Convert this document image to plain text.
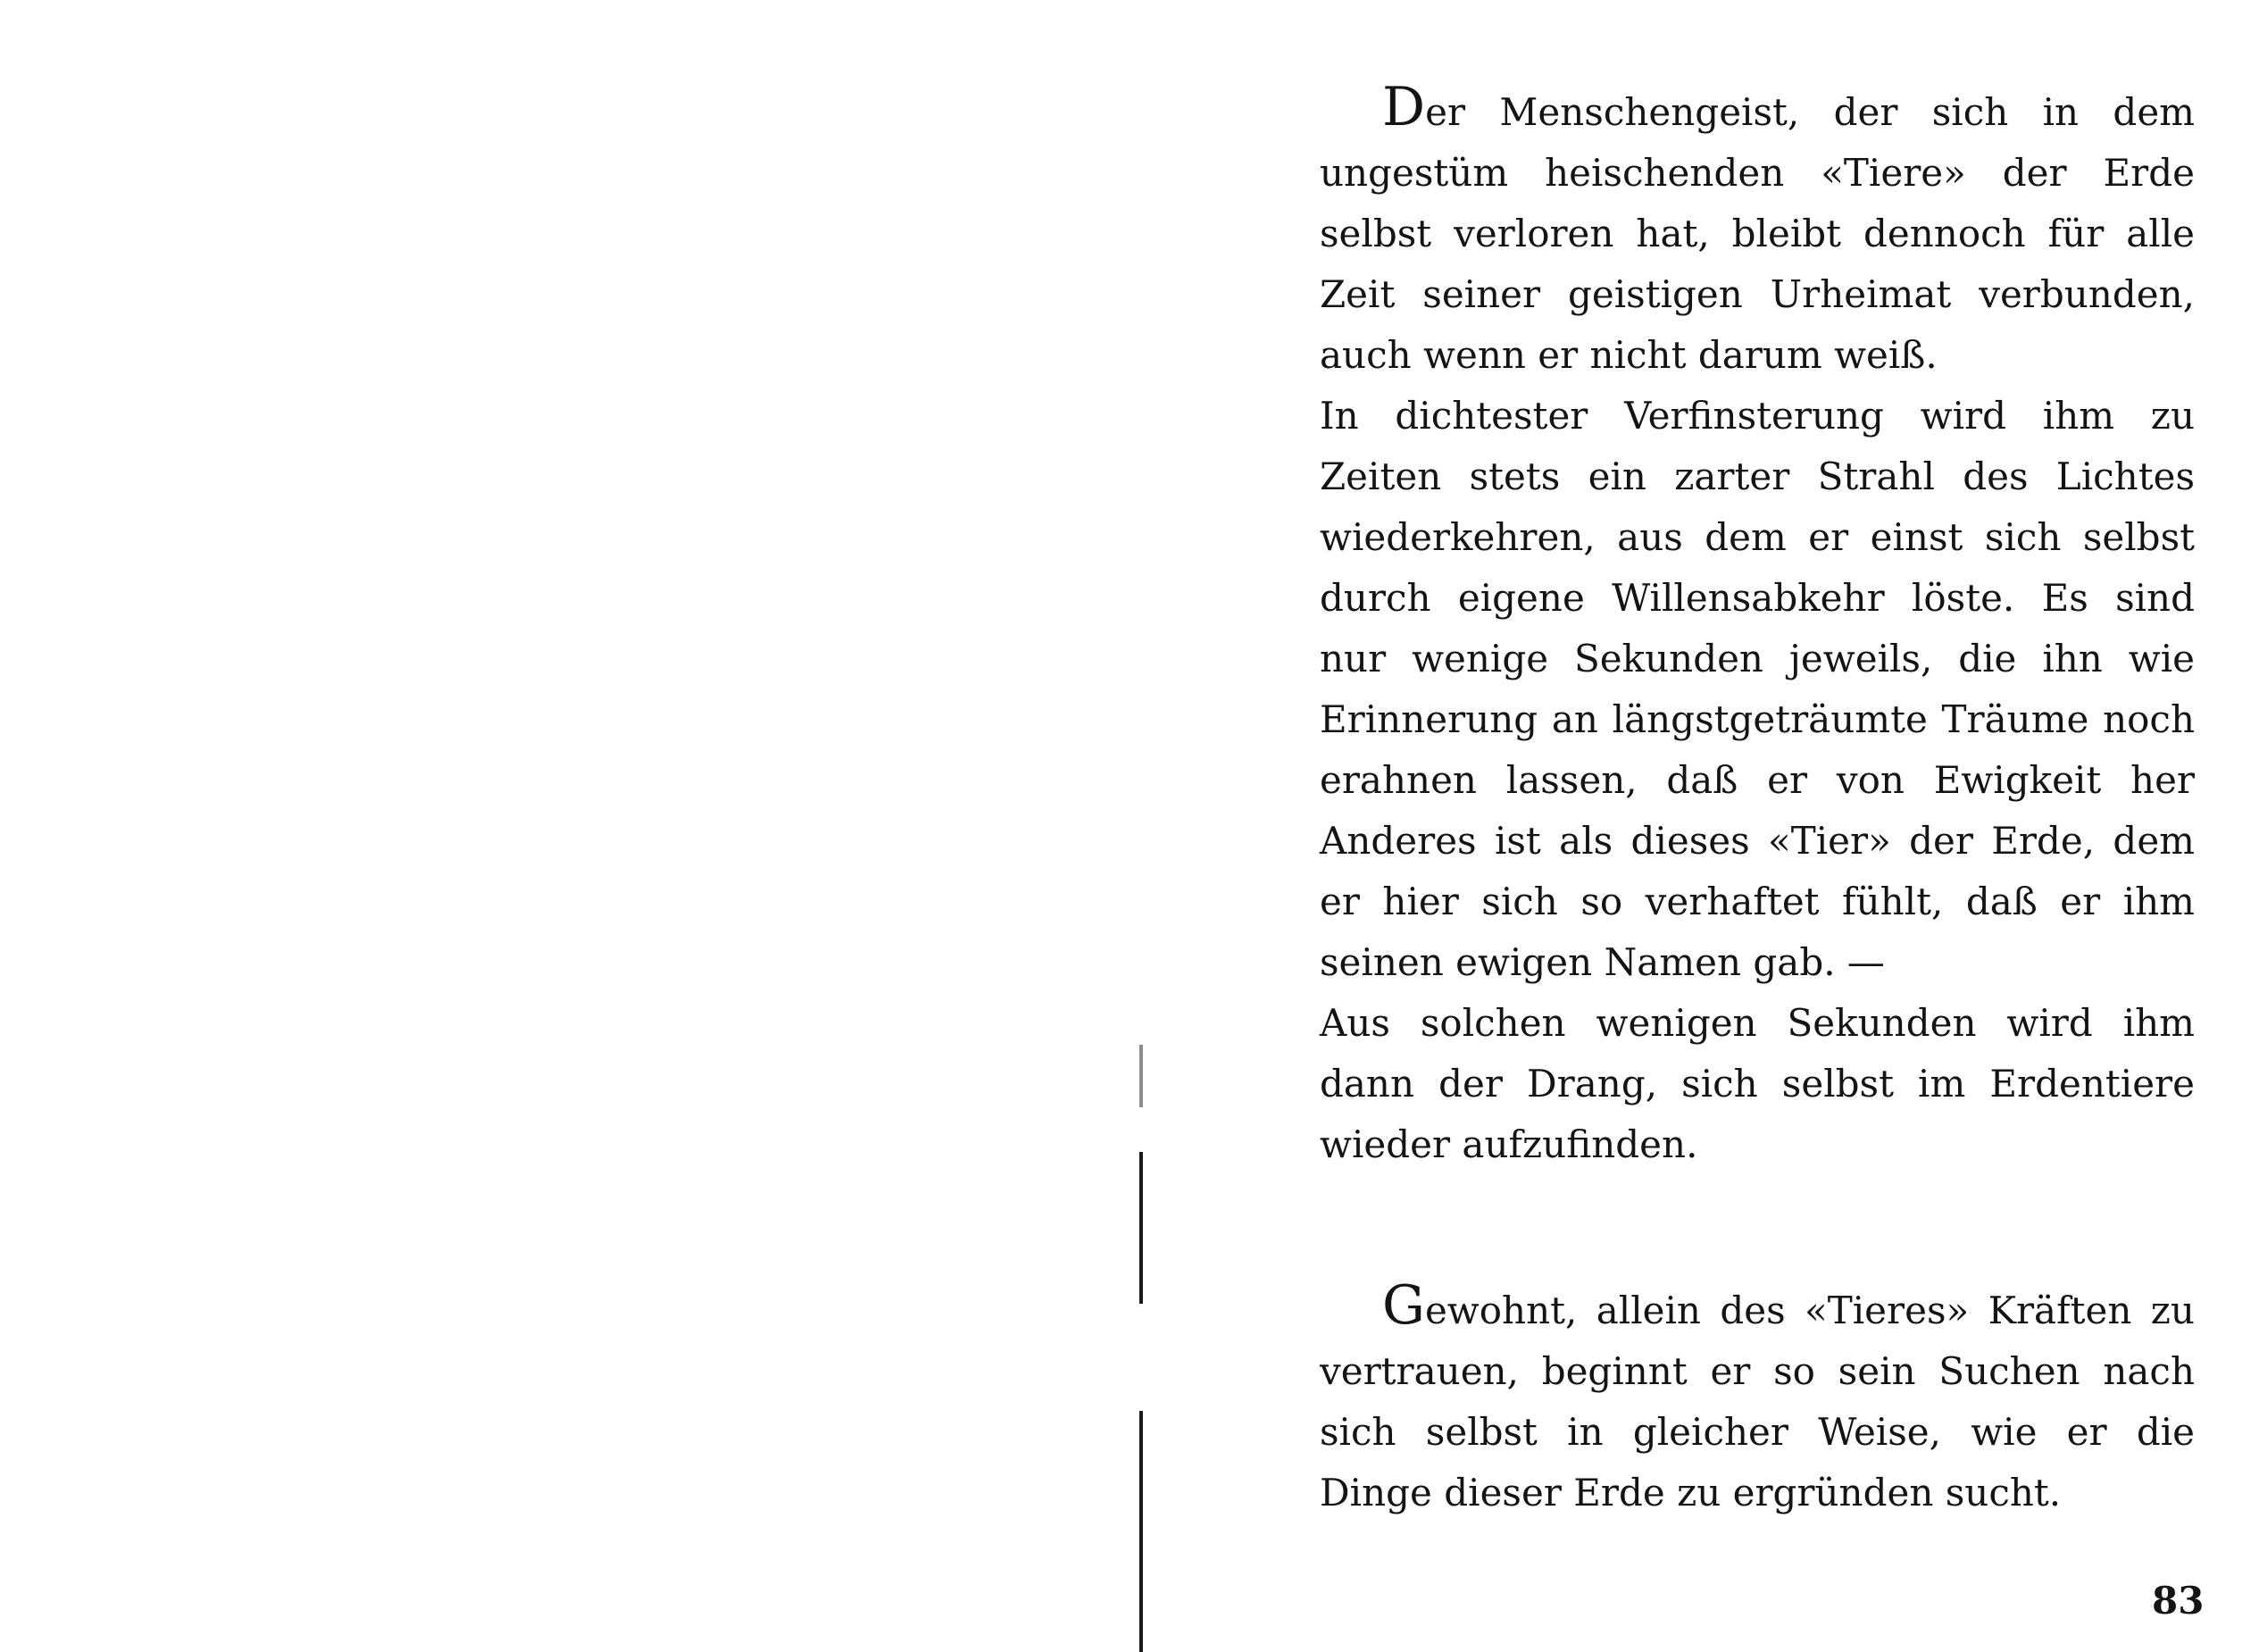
Der Menschengeist, der sich in dem ungestüm heischenden «Tiere» der Erde selbst verloren hat, bleibt dennoch für alle Zeit seiner geistigen Urheimat verbunden, auch wenn er nicht darum weiß.

In dichtester Verfinsterung wird ihm zu Zeiten stets ein zarter Strahl des Lichtes wiederkehren, aus dem er einst sich selbst durch eigene Willensabkehr löste. Es sind nur wenige Sekunden jeweils, die ihn wie Erinnerung an längstgeträumte Träume noch erahnen lassen, daß er von Ewigkeit her Anderes ist als dieses «Tier» der Erde, dem er hier sich so verhaftet fühlt, daß er ihm seinen ewigen Namen gab. —

Aus solchen wenigen Sekunden wird ihm dann der Drang, sich selbst im Erdentiere wieder aufzufinden.

Gewohnt, allein des «Tieres» Kräften zu vertrauen, beginnt er so sein Suchen nach sich selbst in gleicher Weise, wie er die Dinge dieser Erde zu ergründen sucht.

83
